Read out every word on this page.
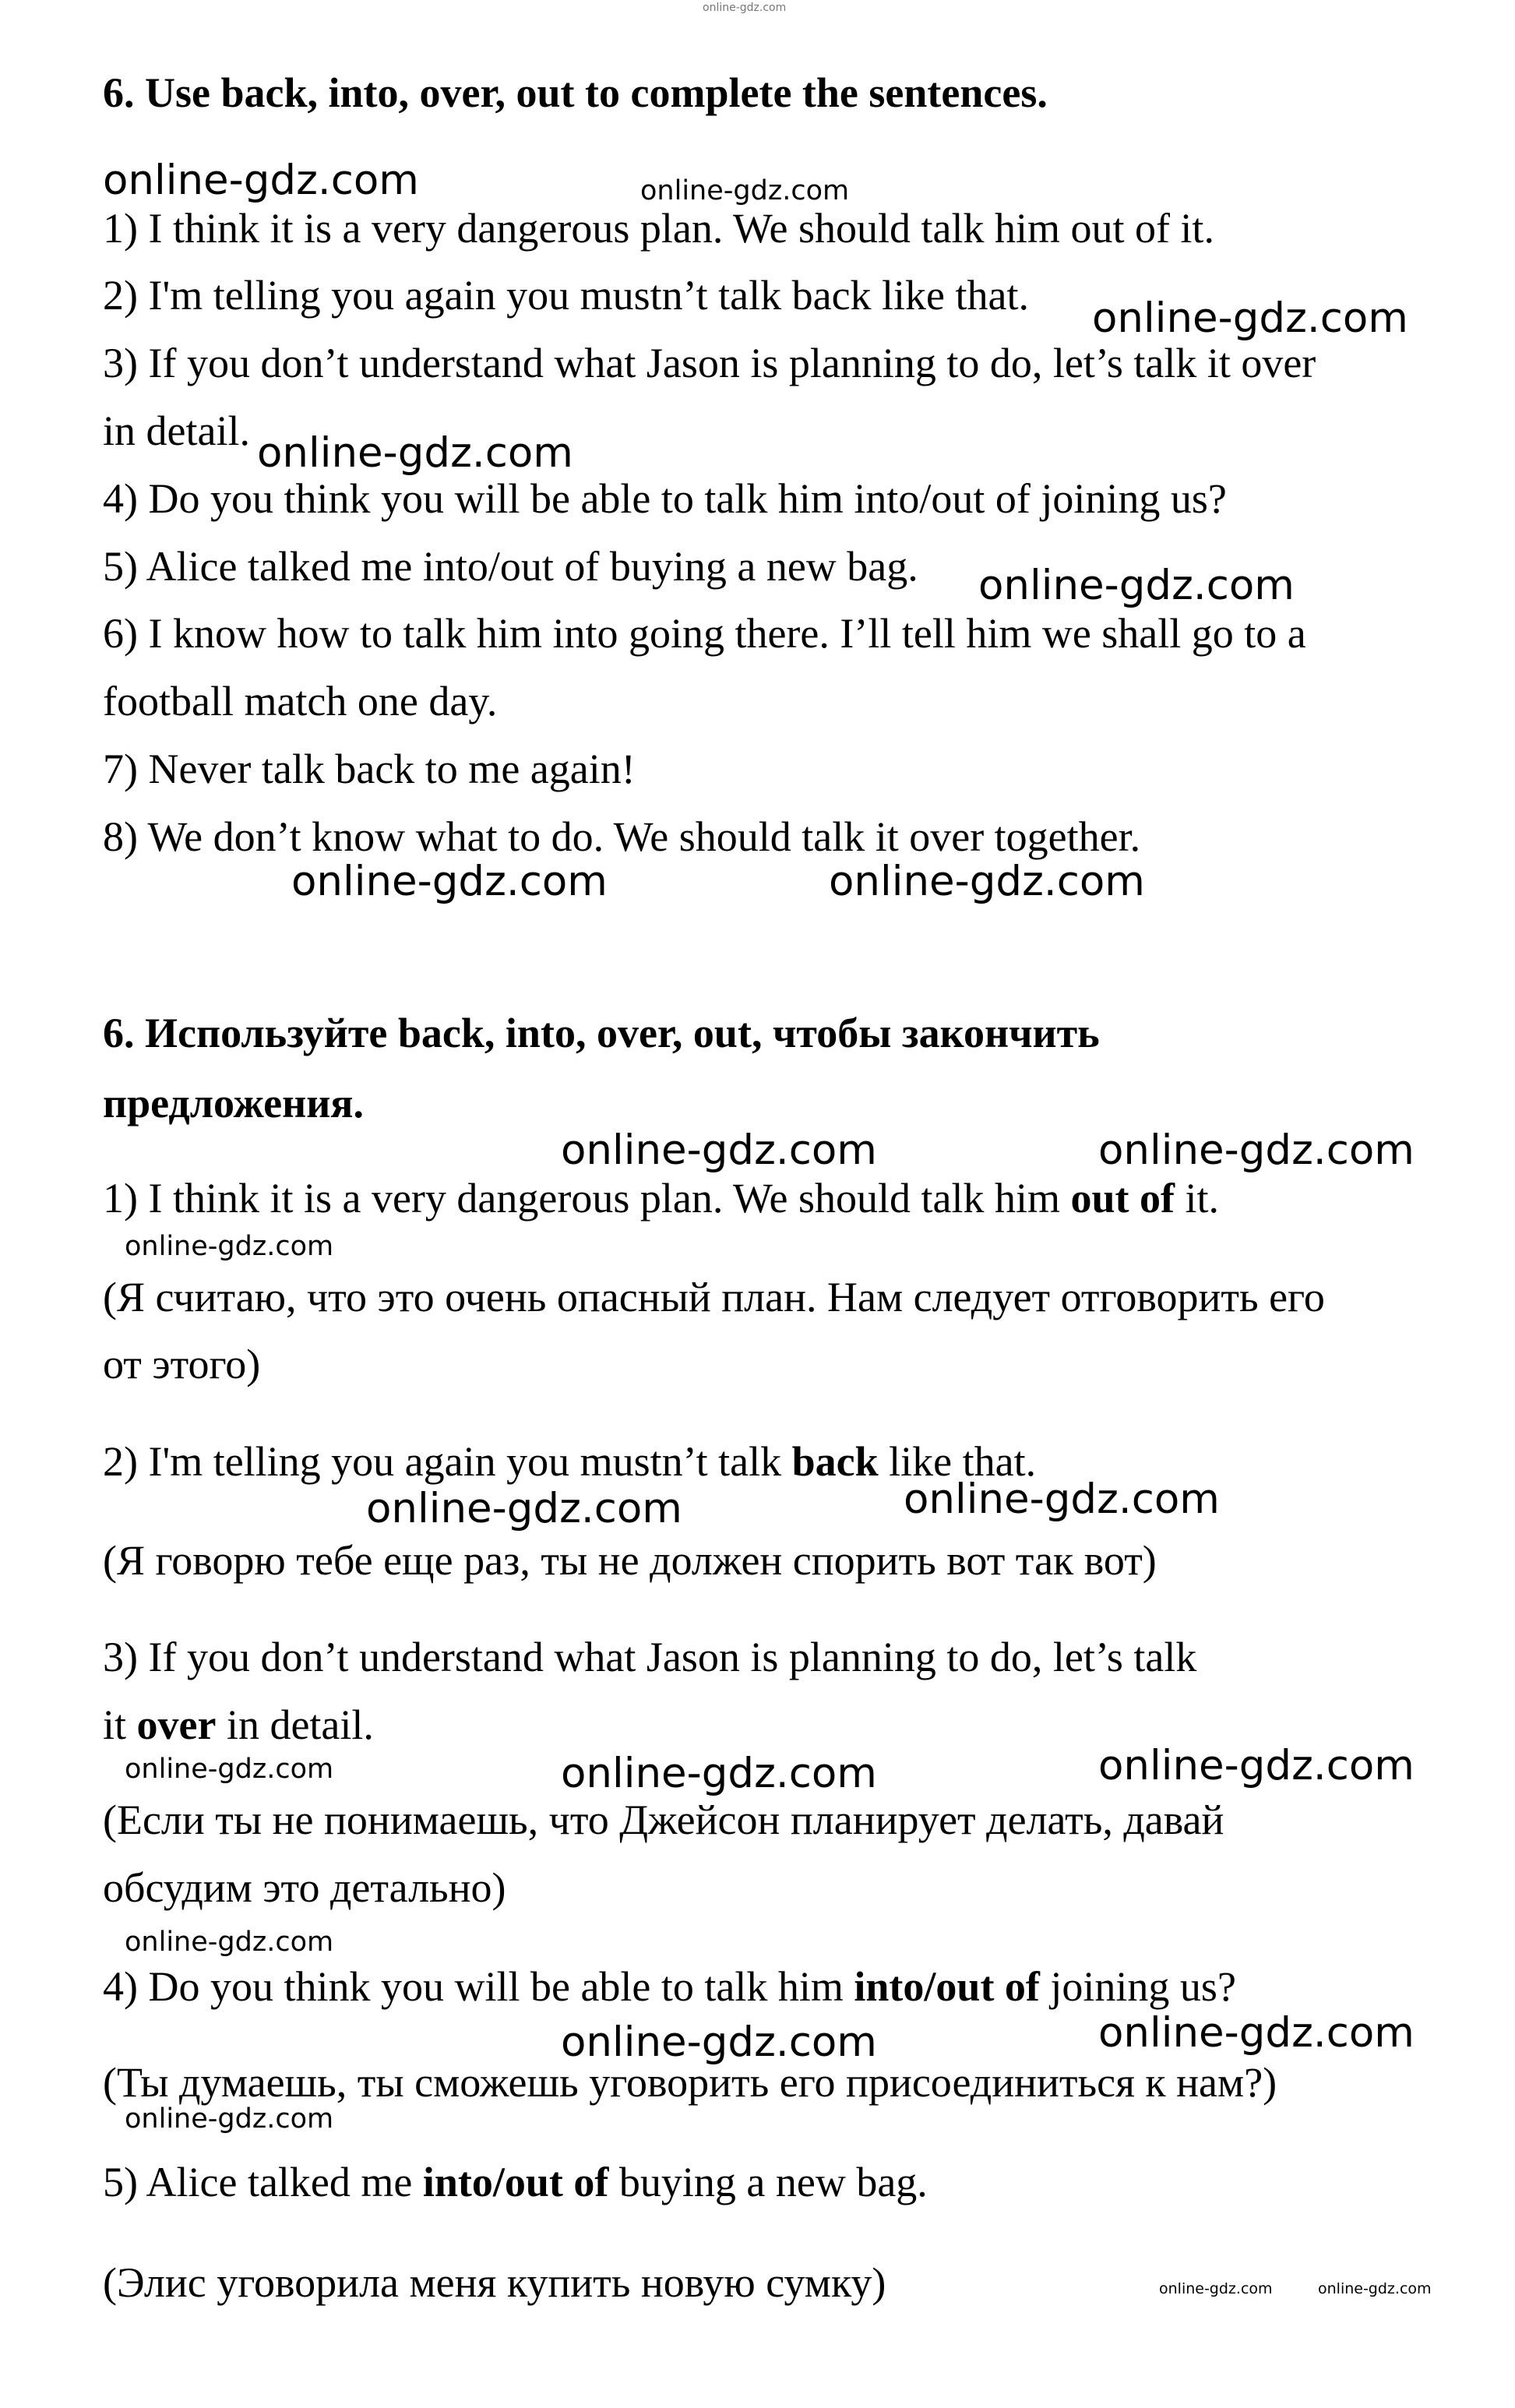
online-gdz.com
6. Use back, into, over, out to complete the sentences.
online-gdz.com	online-gdz.com
1) I think it is a very dangerous plan. We should talk him out of it.
2) I'm telling you again you mustn’t talk back like that. online-gdz.com
3) If you don’t understand what Jason is planning to do, let’s talk it over
in detail. online-gdz.com
4) Do you think you will be able to talk him into/out of joining us?
5) Alice talked me into/out of buying a new bag. online-gdz.com
6) I know how to talk him into going there. I’ll tell him we shall go to a
football match one day.
7) Never talk back to me again!
8) We don’t know what to do. We should talk it over together.
online-gdz.com	online-gdz.com
6. Используйте back, into, over, out, чтобы закончить
предложения.
online-gdz.com	online-gdz.com
1) I think it is a very dangerous plan. We should talk him out of it.
online-gdz.com
(Я считаю, что это очень опасный план. Нам следует отговорить его
от этого)
2) I'm telling you again you mustn’t talk back like that.
online-gdz.com	online-gdz.com
(Я говорю тебе еще раз, ты не должен спорить вот так вот)
3) If you don’t understand what Jason is planning to do, let’s talk
it over in detail.
online-gdz.com	online-gdz.com	online-gdz.com
(Если ты не понимаешь, что Джейсон планирует делать, давай
обсудим это детально)
online-gdz.com
4) Do you think you will be able to talk him into/out of joining us?
online-gdz.com	online-gdz.com
(Ты думаешь, ты сможешь уговорить его присоединиться к нам?)
online-gdz.com
5) Alice talked me into/out of buying a new bag.
(Элис уговорила меня купить новую сумку)	online-gdz.com	online-gdz.com
